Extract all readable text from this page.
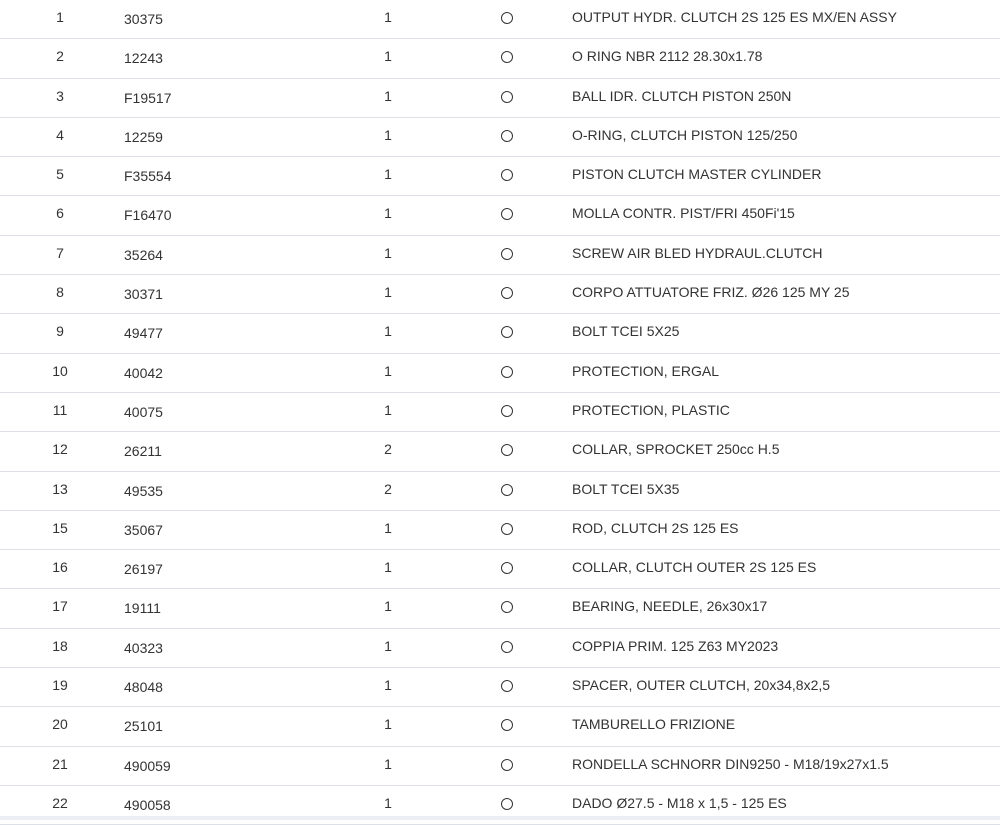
1	30375	1	OUTPUT HYDR. CLUTCH 2S 125 ES MX/EN ASSY
2	12243	1	O RING NBR 2112 28.30x1.78
3	F19517	1	BALL IDR. CLUTCH PISTON 250N
4	12259	1	O-RING, CLUTCH PISTON 125/250
5	F35554	1	PISTON CLUTCH MASTER CYLINDER
6	F16470	1	MOLLA CONTR. PIST/FRI 450Fi'15
7	35264	1	SCREW AIR BLED HYDRAUL.CLUTCH
8	30371	1	CORPO ATTUATORE FRIZ. Ø26 125 MY 25
9	49477	1	BOLT TCEI 5X25
10	40042	1	PROTECTION, ERGAL
11	40075	1	PROTECTION, PLASTIC
12	26211	2	COLLAR, SPROCKET 250cc H.5
13	49535	2	BOLT TCEI 5X35
15	35067	1	ROD, CLUTCH 2S 125 ES
16	26197	1	COLLAR, CLUTCH OUTER 2S 125 ES
17	19111	1	BEARING, NEEDLE, 26x30x17
18	40323	1	COPPIA PRIM. 125 Z63 MY2023
19	48048	1	SPACER, OUTER CLUTCH, 20x34,8x2,5
20	25101	1	TAMBURELLO FRIZIONE
21	490059	1	RONDELLA SCHNORR DIN9250 - M18/19x27x1.5
22	490058	1	DADO Ø27.5 - M18 x 1,5 - 125 ES
